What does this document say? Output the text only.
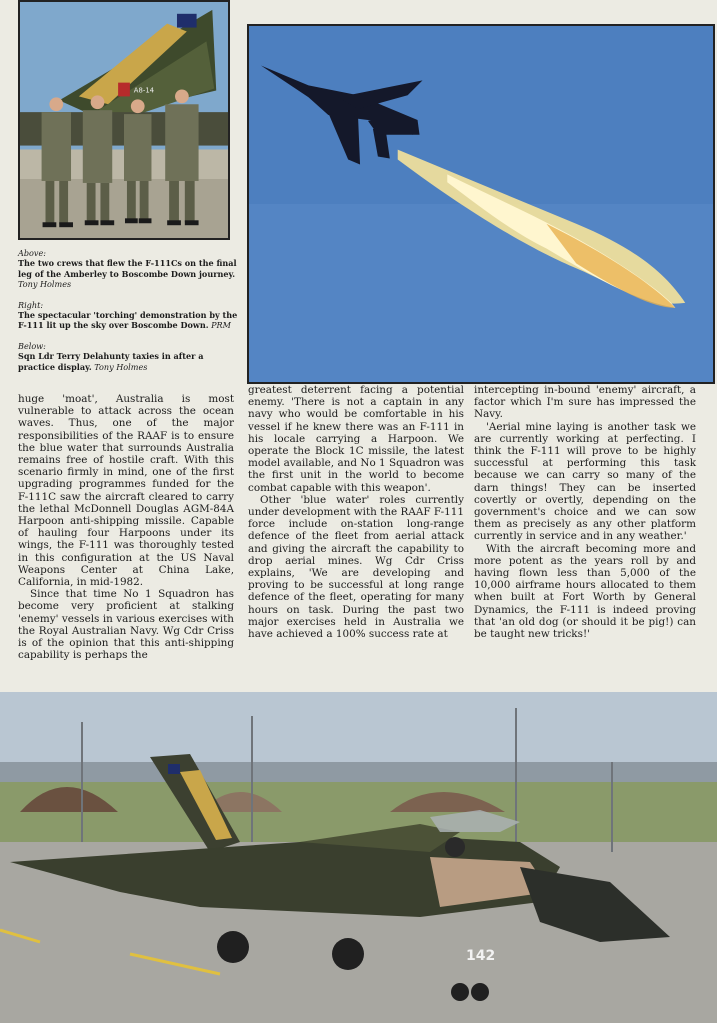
A8-14
Above:
The two crews that flew the F-111Cs on the final leg of the Amberley to Boscombe Down journey. Tony Holmes
Right:
The spectacular 'torching' demonstration by the F-111 lit up the sky over Boscombe Down. PRM
Below:
Sqn Ldr Terry Delahunty taxies in after a practice display. Tony Holmes

huge 'moat', Australia is most vulnerable to attack across the ocean waves. Thus, one of the major responsibilities of the RAAF is to ensure the blue water that surrounds Australia remains free of hostile craft. With this scenario firmly in mind, one of the first upgrading programmes funded for the F-111C saw the aircraft cleared to carry the lethal McDonnell Douglas AGM-84A Harpoon anti-shipping missile. Capable of hauling four Harpoons under its wings, the F-111 was thoroughly tested in this configuration at the US Naval Weapons Center at China Lake, California, in mid-1982.

Since that time No 1 Squadron has become very proficient at stalking 'enemy' vessels in various exercises with the Royal Australian Navy. Wg Cdr Criss is of the opinion that this anti-shipping capability is perhaps the

greatest deterrent facing a potential enemy. 'There is not a captain in any navy who would be comfortable in his vessel if he knew there was an F-111 in his locale carrying a Harpoon. We operate the Block 1C missile, the latest model available, and No 1 Squadron was the first unit in the world to become combat capable with this weapon'.

Other 'blue water' roles currently under development with the RAAF F-111 force include on-station long-range defence of the fleet from aerial attack and giving the aircraft the capability to drop aerial mines. Wg Cdr Criss explains, 'We are developing and proving to be successful at long range defence of the fleet, operating for many hours on task. During the past two major exercises held in Australia we have achieved a 100% success rate at

intercepting in-bound 'enemy' aircraft, a factor which I'm sure has impressed the Navy.

'Aerial mine laying is another task we are currently working at perfecting. I think the F-111 will prove to be highly successful at performing this task because we can carry so many of the darn things! They can be inserted covertly or overtly, depending on the government's choice and we can sow them as precisely as any other platform currently in service and in any weather.'

With the aircraft becoming more and more potent as the years roll by and having flown less than 5,000 of the 10,000 airframe hours allocated to them when built at Fort Worth by General Dynamics, the F-111 is indeed proving that 'an old dog (or should it be pig!) can be taught new tricks!'

142
